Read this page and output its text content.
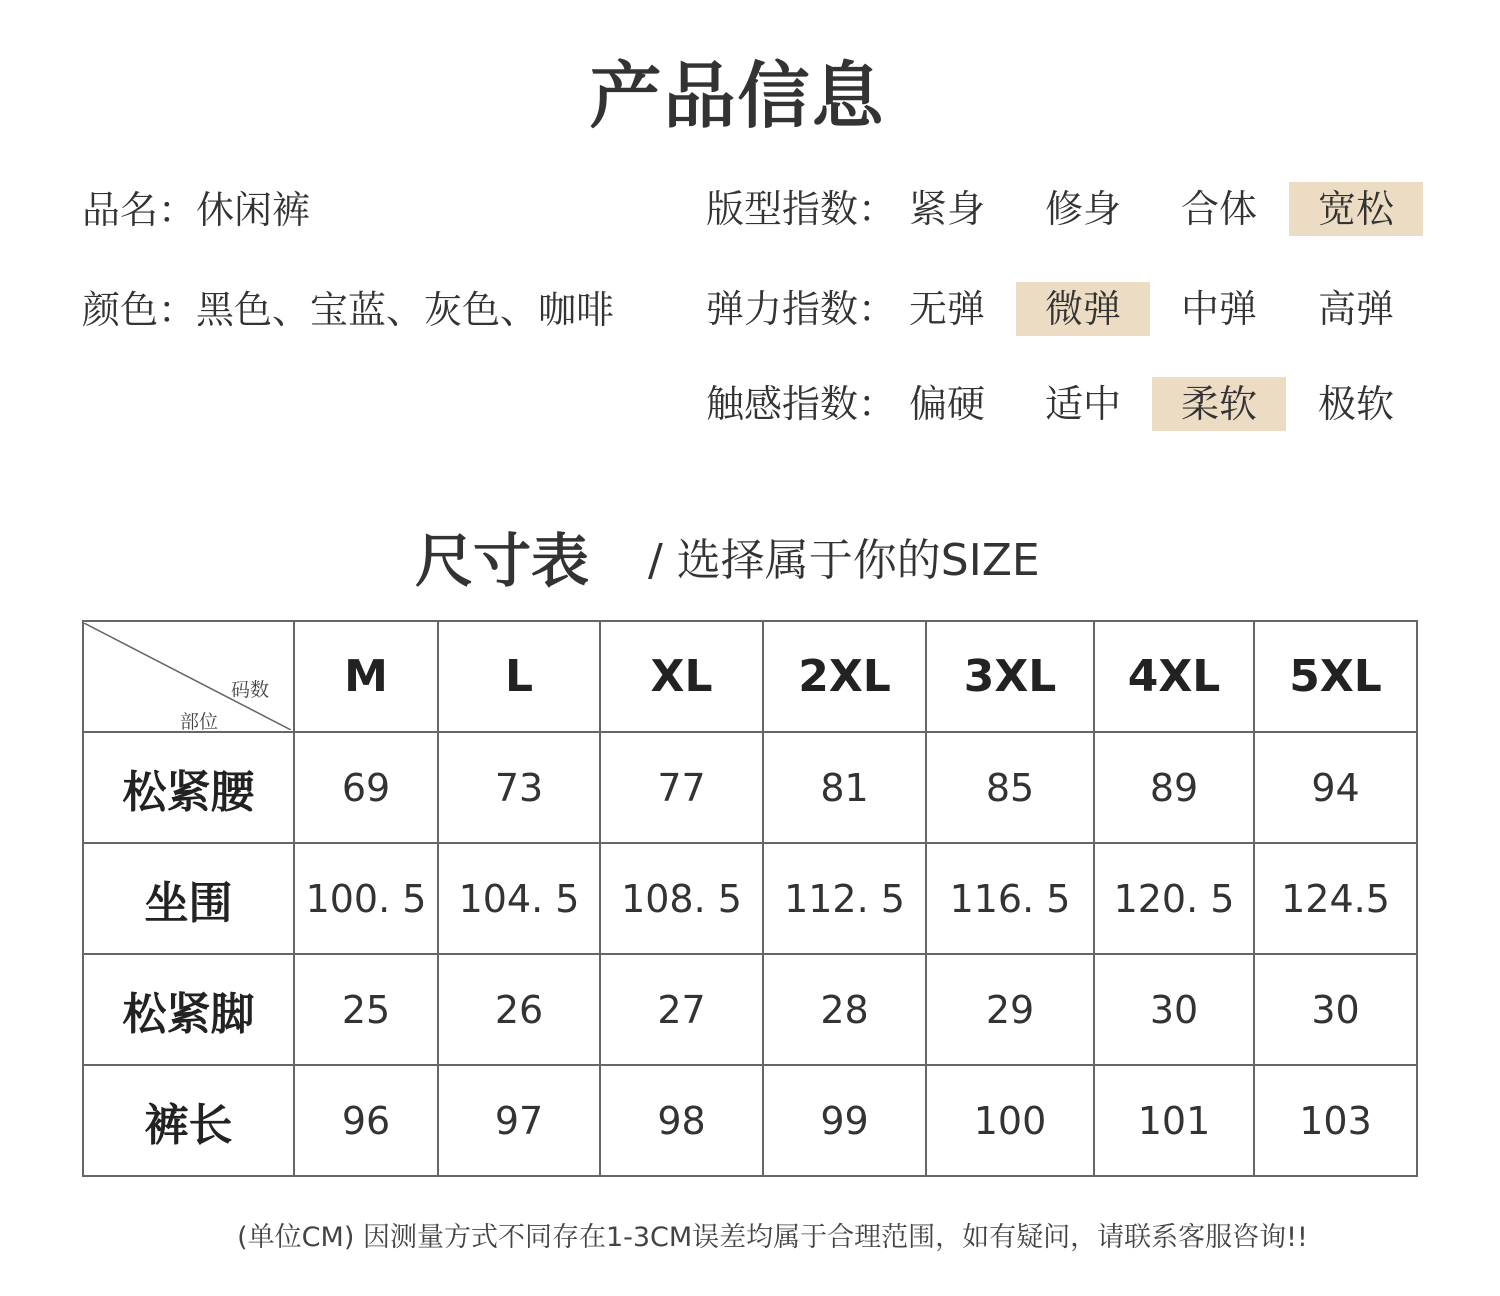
产品信息
品名：休闲裤
颜色：黑色、宝蓝、灰色、咖啡
版型指数： 紧身	修身	合体	宽松
弹力指数： 无弹	微弹	中弹	高弹
触感指数： 偏硬	适中	柔软	极软
尺寸表 / 选择属于你的SIZE
码数
部位	M	L	XL	2XL	3XL	4XL	5XL
松紧腰	69	73	77	81	85	89	94
坐围	100. 5	104. 5	108. 5	112. 5	116. 5	120. 5	124.5
松紧脚	25	26	27	28	29	30	30
裤长	96	97	98	99	100	101	103
(单位CM) 因测量方式不同存在1-3CM误差均属于合理范围，如有疑问，请联系客服咨询!!
